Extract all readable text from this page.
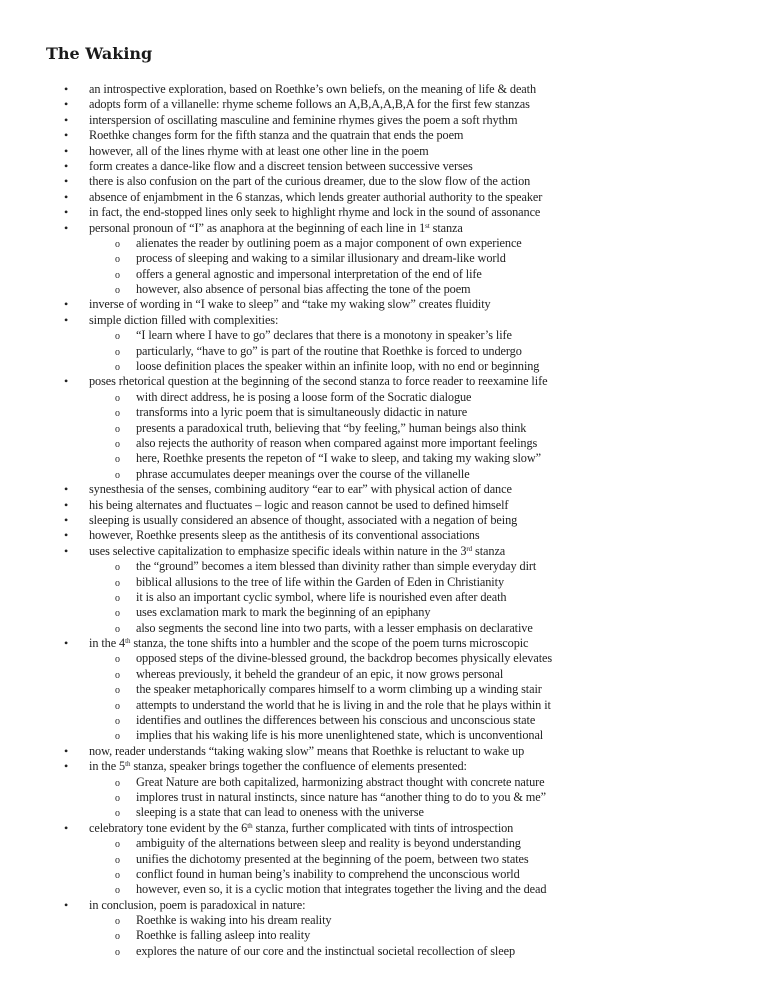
The Waking
• an introspective exploration, based on Roethke’s own beliefs, on the meaning of life & death
• adopts form of a villanelle: rhyme scheme follows an A,B,A,A,B,A for the first few stanzas
• interspersion of oscillating masculine and feminine rhymes gives the poem a soft rhythm
• Roethke changes form for the fifth stanza and the quatrain that ends the poem
• however, all of the lines rhyme with at least one other line in the poem
• form creates a dance-like flow and a discreet tension between successive verses
• there is also confusion on the part of the curious dreamer, due to the slow flow of the action
• absence of enjambment in the 6 stanzas, which lends greater authorial authority to the speaker
• in fact, the end-stopped lines only seek to highlight rhyme and lock in the sound of assonance
• personal pronoun of “I” as anaphora at the beginning of each line in 1st stanza
o alienates the reader by outlining poem as a major component of own experience
o process of sleeping and waking to a similar illusionary and dream-like world
o offers a general agnostic and impersonal interpretation of the end of life
o however, also absence of personal bias affecting the tone of the poem
• inverse of wording in “I wake to sleep” and “take my waking slow” creates fluidity
• simple diction filled with complexities:
o “I learn where I have to go” declares that there is a monotony in speaker’s life
o particularly, “have to go” is part of the routine that Roethke is forced to undergo
o loose definition places the speaker within an infinite loop, with no end or beginning
• poses rhetorical question at the beginning of the second stanza to force reader to reexamine life
o with direct address, he is posing a loose form of the Socratic dialogue
o transforms into a lyric poem that is simultaneously didactic in nature
o presents a paradoxical truth, believing that “by feeling,” human beings also think
o also rejects the authority of reason when compared against more important feelings
o here, Roethke presents the repeton of “I wake to sleep, and taking my waking slow”
o phrase accumulates deeper meanings over the course of the villanelle
• synesthesia of the senses, combining auditory “ear to ear” with physical action of dance
• his being alternates and fluctuates – logic and reason cannot be used to defined himself
• sleeping is usually considered an absence of thought, associated with a negation of being
• however, Roethke presents sleep as the antithesis of its conventional associations
• uses selective capitalization to emphasize specific ideals within nature in the 3rd stanza
o the “ground” becomes a item blessed than divinity rather than simple everyday dirt
o biblical allusions to the tree of life within the Garden of Eden in Christianity
o it is also an important cyclic symbol, where life is nourished even after death
o uses exclamation mark to mark the beginning of an epiphany
o also segments the second line into two parts, with a lesser emphasis on declarative
• in the 4th stanza, the tone shifts into a humbler and the scope of the poem turns microscopic
o opposed steps of the divine-blessed ground, the backdrop becomes physically elevates
o whereas previously, it beheld the grandeur of an epic, it now grows personal
o the speaker metaphorically compares himself to a worm climbing up a winding stair
o attempts to understand the world that he is living in and the role that he plays within it
o identifies and outlines the differences between his conscious and unconscious state
o implies that his waking life is his more unenlightened state, which is unconventional
• now, reader understands “taking waking slow” means that Roethke is reluctant to wake up
• in the 5th stanza, speaker brings together the confluence of elements presented:
o Great Nature are both capitalized, harmonizing abstract thought with concrete nature
o implores trust in natural instincts, since nature has “another thing to do to you & me”
o sleeping is a state that can lead to oneness with the universe
• celebratory tone evident by the 6th stanza, further complicated with tints of introspection
o ambiguity of the alternations between sleep and reality is beyond understanding
o unifies the dichotomy presented at the beginning of the poem, between two states
o conflict found in human being’s inability to comprehend the unconscious world
o however, even so, it is a cyclic motion that integrates together the living and the dead
• in conclusion, poem is paradoxical in nature:
o Roethke is waking into his dream reality
o Roethke is falling asleep into reality
o explores the nature of our core and the instinctual societal recollection of sleep
